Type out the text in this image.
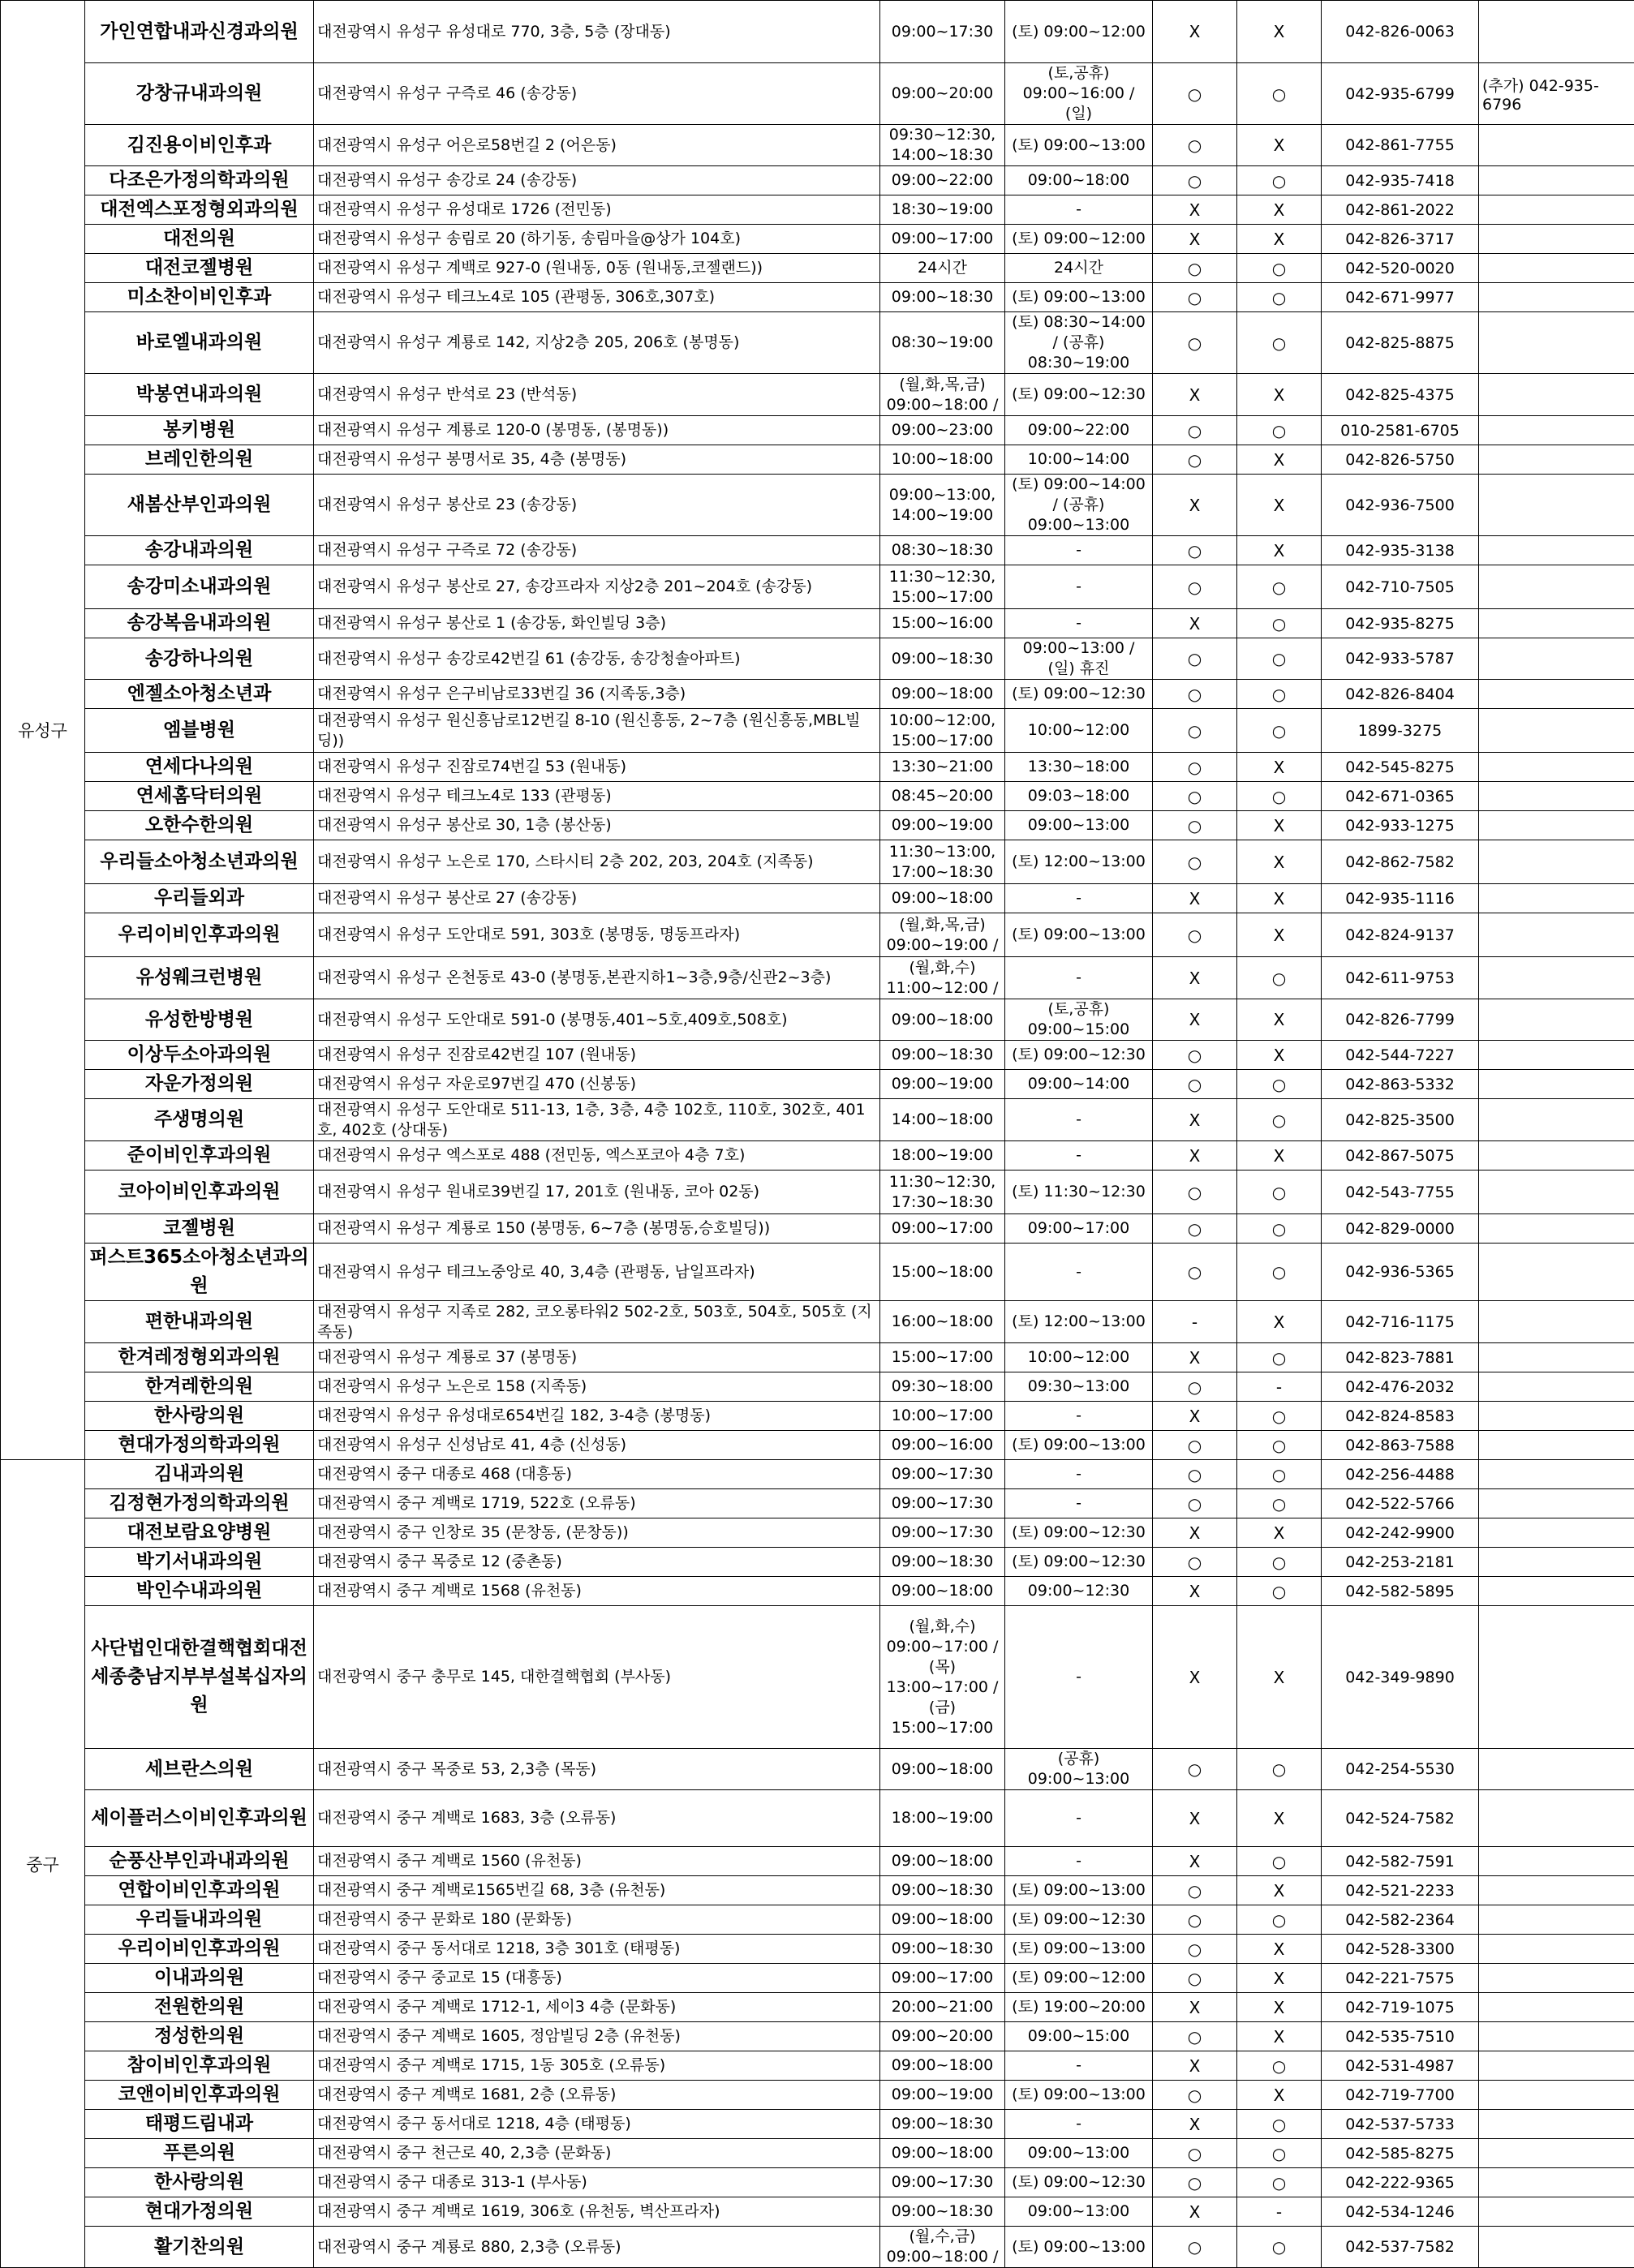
유성구	가인연합내과신경과의원	대전광역시 유성구 유성대로 770, 3층, 5층 (장대동)	09:00~17:30	(토) 09:00~12:00	X	X	042-826-0063	
	강창규내과의원	대전광역시 유성구 구즉로 46 (송강동)	09:00~20:00	(토,공휴) 09:00~16:00 / (일)	○	○	042-935-6799	(추가) 042-935-6796
	김진용이비인후과	대전광역시 유성구 어은로58번길 2 (어은동)	09:30~12:30, 14:00~18:30	(토) 09:00~13:00	○	X	042-861-7755	
	다조은가정의학과의원	대전광역시 유성구 송강로 24 (송강동)	09:00~22:00	09:00~18:00	○	○	042-935-7418	
	대전엑스포정형외과의원	대전광역시 유성구 유성대로 1726 (전민동)	18:30~19:00	-	X	X	042-861-2022	
	대전의원	대전광역시 유성구 송림로 20 (하기동, 송림마을@상가 104호)	09:00~17:00	(토) 09:00~12:00	X	X	042-826-3717	
	대전코젤병원	대전광역시 유성구 계백로 927-0 (원내동, 0동 (원내동,코젤랜드))	24시간	24시간	○	○	042-520-0020	
	미소찬이비인후과	대전광역시 유성구 테크노4로 105 (관평동, 306호,307호)	09:00~18:30	(토) 09:00~13:00	○	○	042-671-9977	
	바로엘내과의원	대전광역시 유성구 계룡로 142, 지상2층 205, 206호 (봉명동)	08:30~19:00	(토) 08:30~14:00 / (공휴) 08:30~19:00	○	○	042-825-8875	
	박봉연내과의원	대전광역시 유성구 반석로 23 (반석동)	(월,화,목,금) 09:00~18:00 /	(토) 09:00~12:30	X	X	042-825-4375	
	봉키병원	대전광역시 유성구 계룡로 120-0 (봉명동, (봉명동))	09:00~23:00	09:00~22:00	○	○	010-2581-6705	
	브레인한의원	대전광역시 유성구 봉명서로 35, 4층 (봉명동)	10:00~18:00	10:00~14:00	○	X	042-826-5750	
	새봄산부인과의원	대전광역시 유성구 봉산로 23 (송강동)	09:00~13:00, 14:00~19:00	(토) 09:00~14:00 / (공휴) 09:00~13:00	X	X	042-936-7500	
	송강내과의원	대전광역시 유성구 구즉로 72 (송강동)	08:30~18:30	-	○	X	042-935-3138	
	송강미소내과의원	대전광역시 유성구 봉산로 27, 송강프라자 지상2층 201~204호 (송강동)	11:30~12:30, 15:00~17:00	-	○	○	042-710-7505	
	송강복음내과의원	대전광역시 유성구 봉산로 1 (송강동, 화인빌딩 3층)	15:00~16:00	-	X	○	042-935-8275	
	송강하나의원	대전광역시 유성구 송강로42번길 61 (송강동, 송강청솔아파트)	09:00~18:30	09:00~13:00 / (일) 휴진	○	○	042-933-5787	
	엔젤소아청소년과	대전광역시 유성구 은구비남로33번길 36 (지족동,3층)	09:00~18:00	(토) 09:00~12:30	○	○	042-826-8404	
	엠블병원	대전광역시 유성구 원신흥남로12번길 8-10 (원신흥동, 2~7층 (원신흥동,MBL빌딩))	10:00~12:00, 15:00~17:00	10:00~12:00	○	○	1899-3275	
	연세다나의원	대전광역시 유성구 진잠로74번길 53 (원내동)	13:30~21:00	13:30~18:00	○	X	042-545-8275	
	연세홈닥터의원	대전광역시 유성구 테크노4로 133 (관평동)	08:45~20:00	09:03~18:00	○	○	042-671-0365	
	오한수한의원	대전광역시 유성구 봉산로 30, 1층 (봉산동)	09:00~19:00	09:00~13:00	○	X	042-933-1275	
	우리들소아청소년과의원	대전광역시 유성구 노은로 170, 스타시티 2층 202, 203, 204호 (지족동)	11:30~13:00, 17:00~18:30	(토) 12:00~13:00	○	X	042-862-7582	
	우리들외과	대전광역시 유성구 봉산로 27 (송강동)	09:00~18:00	-	X	X	042-935-1116	
	우리이비인후과의원	대전광역시 유성구 도안대로 591, 303호 (봉명동, 명동프라자)	(월,화,목,금) 09:00~19:00 /	(토) 09:00~13:00	○	X	042-824-9137	
	유성웨크런병원	대전광역시 유성구 온천동로 43-0 (봉명동,본관지하1~3층,9층/신관2~3층)	(월,화,수) 11:00~12:00 /	-	X	○	042-611-9753	
	유성한방병원	대전광역시 유성구 도안대로 591-0 (봉명동,401~5호,409호,508호)	09:00~18:00	(토,공휴) 09:00~15:00	X	X	042-826-7799	
	이상두소아과의원	대전광역시 유성구 진잠로42번길 107 (원내동)	09:00~18:30	(토) 09:00~12:30	○	X	042-544-7227	
	자운가정의원	대전광역시 유성구 자운로97번길 470 (신봉동)	09:00~19:00	09:00~14:00	○	○	042-863-5332	
	주생명의원	대전광역시 유성구 도안대로 511-13, 1층, 3층, 4층 102호, 110호, 302호, 401호, 402호 (상대동)	14:00~18:00	-	X	○	042-825-3500	
	준이비인후과의원	대전광역시 유성구 엑스포로 488 (전민동, 엑스포코아 4층 7호)	18:00~19:00	-	X	X	042-867-5075	
	코아이비인후과의원	대전광역시 유성구 원내로39번길 17, 201호 (원내동, 코아 02동)	11:30~12:30, 17:30~18:30	(토) 11:30~12:30	○	○	042-543-7755	
	코젤병원	대전광역시 유성구 계룡로 150 (봉명동, 6~7층 (봉명동,승호빌딩))	09:00~17:00	09:00~17:00	○	○	042-829-0000	
	퍼스트365소아청소년과의원	대전광역시 유성구 테크노중앙로 40, 3,4층 (관평동, 남일프라자)	15:00~18:00	-	○	○	042-936-5365	
	편한내과의원	대전광역시 유성구 지족로 282, 코오롱타워2 502-2호, 503호, 504호, 505호 (지족동)	16:00~18:00	(토) 12:00~13:00	-	X	042-716-1175	
	한겨레정형외과의원	대전광역시 유성구 계룡로 37 (봉명동)	15:00~17:00	10:00~12:00	X	○	042-823-7881	
	한겨레한의원	대전광역시 유성구 노은로 158 (지족동)	09:30~18:00	09:30~13:00	○	-	042-476-2032	
	한사랑의원	대전광역시 유성구 유성대로654번길 182, 3-4층 (봉명동)	10:00~17:00	-	X	○	042-824-8583	
	현대가정의학과의원	대전광역시 유성구 신성남로 41, 4층 (신성동)	09:00~16:00	(토) 09:00~13:00	○	○	042-863-7588	
중구	김내과의원	대전광역시 중구 대종로 468 (대흥동)	09:00~17:30	-	○	○	042-256-4488	
	김정현가정의학과의원	대전광역시 중구 계백로 1719, 522호 (오류동)	09:00~17:30	-	○	○	042-522-5766	
	대전보람요양병원	대전광역시 중구 인창로 35 (문창동, (문창동))	09:00~17:30	(토) 09:00~12:30	X	X	042-242-9900	
	박기서내과의원	대전광역시 중구 목중로 12 (중촌동)	09:00~18:30	(토) 09:00~12:30	○	○	042-253-2181	
	박인수내과의원	대전광역시 중구 계백로 1568 (유천동)	09:00~18:00	09:00~12:30	X	○	042-582-5895	
	사단법인대한결핵협회대전세종충남지부부설복십자의원	대전광역시 중구 충무로 145, 대한결핵협회 (부사동)	(월,화,수) 09:00~17:00 / (목) 13:00~17:00 / (금) 15:00~17:00	-	X	X	042-349-9890	
	세브란스의원	대전광역시 중구 목중로 53, 2,3층 (목동)	09:00~18:00	(공휴) 09:00~13:00	○	○	042-254-5530	
	세이플러스이비인후과의원	대전광역시 중구 계백로 1683, 3층 (오류동)	18:00~19:00	-	X	X	042-524-7582	
	순풍산부인과내과의원	대전광역시 중구 계백로 1560 (유천동)	09:00~18:00	-	X	○	042-582-7591	
	연합이비인후과의원	대전광역시 중구 계백로1565번길 68, 3층 (유천동)	09:00~18:30	(토) 09:00~13:00	○	X	042-521-2233	
	우리들내과의원	대전광역시 중구 문화로 180 (문화동)	09:00~18:00	(토) 09:00~12:30	○	○	042-582-2364	
	우리이비인후과의원	대전광역시 중구 동서대로 1218, 3층 301호 (태평동)	09:00~18:30	(토) 09:00~13:00	○	X	042-528-3300	
	이내과의원	대전광역시 중구 중교로 15 (대흥동)	09:00~17:00	(토) 09:00~12:00	○	X	042-221-7575	
	전원한의원	대전광역시 중구 계백로 1712-1, 세이3 4층 (문화동)	20:00~21:00	(토) 19:00~20:00	X	X	042-719-1075	
	정성한의원	대전광역시 중구 계백로 1605, 정암빌딩 2층 (유천동)	09:00~20:00	09:00~15:00	○	X	042-535-7510	
	참이비인후과의원	대전광역시 중구 계백로 1715, 1동 305호 (오류동)	09:00~18:00	-	X	○	042-531-4987	
	코앤이비인후과의원	대전광역시 중구 계백로 1681, 2층 (오류동)	09:00~19:00	(토) 09:00~13:00	○	X	042-719-7700	
	태평드림내과	대전광역시 중구 동서대로 1218, 4층 (태평동)	09:00~18:30	-	X	○	042-537-5733	
	푸른의원	대전광역시 중구 천근로 40, 2,3층 (문화동)	09:00~18:00	09:00~13:00	○	○	042-585-8275	
	한사랑의원	대전광역시 중구 대종로 313-1 (부사동)	09:00~17:30	(토) 09:00~12:30	○	○	042-222-9365	
	현대가정의원	대전광역시 중구 계백로 1619, 306호 (유천동, 벽산프라자)	09:00~18:30	09:00~13:00	X	-	042-534-1246	
	활기찬의원	대전광역시 중구 계룡로 880, 2,3층 (오류동)	(월,수,금) 09:00~18:00 /	(토) 09:00~13:00	○	○	042-537-7582	
